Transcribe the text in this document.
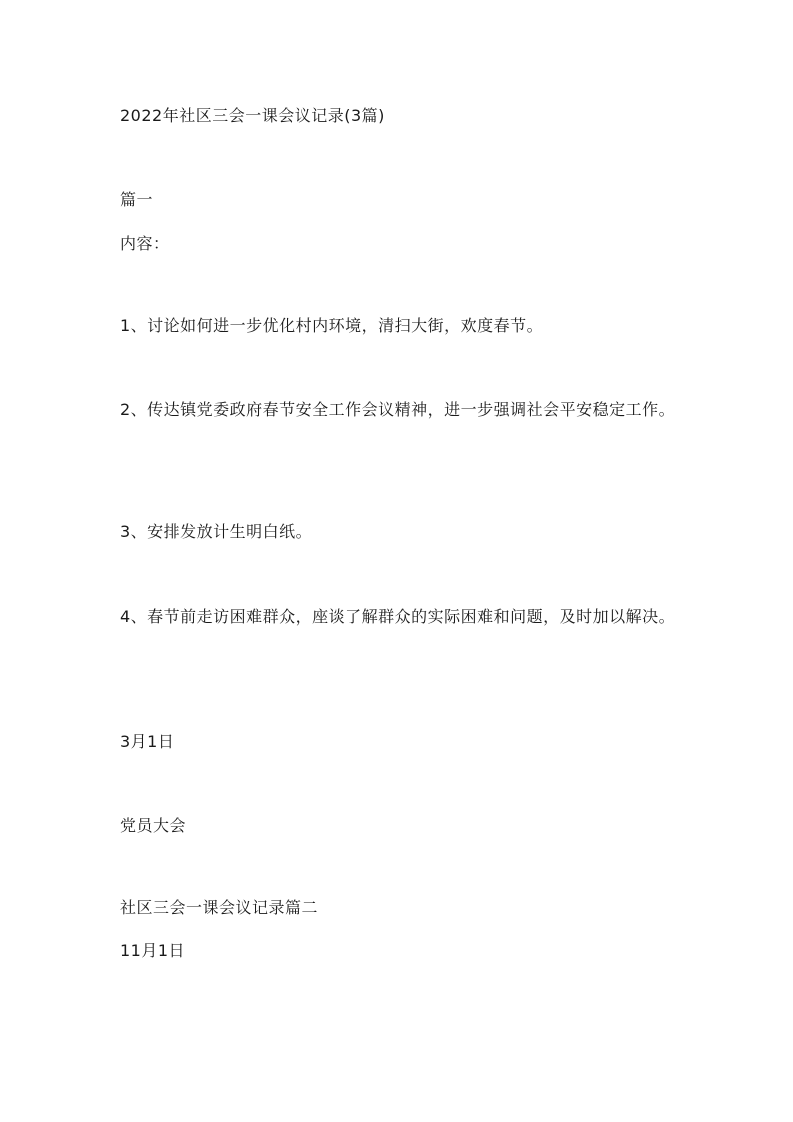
2022年社区三会一课会议记录(3篇)
篇一
内容：
1、讨论如何进一步优化村内环境，清扫大街，欢度春节。
2、传达镇党委政府春节安全工作会议精神，进一步强调社会平安稳定工作。
3、安排发放计生明白纸。
4、春节前走访困难群众，座谈了解群众的实际困难和问题，及时加以解决。
3月1日
党员大会
社区三会一课会议记录篇二
11月1日
